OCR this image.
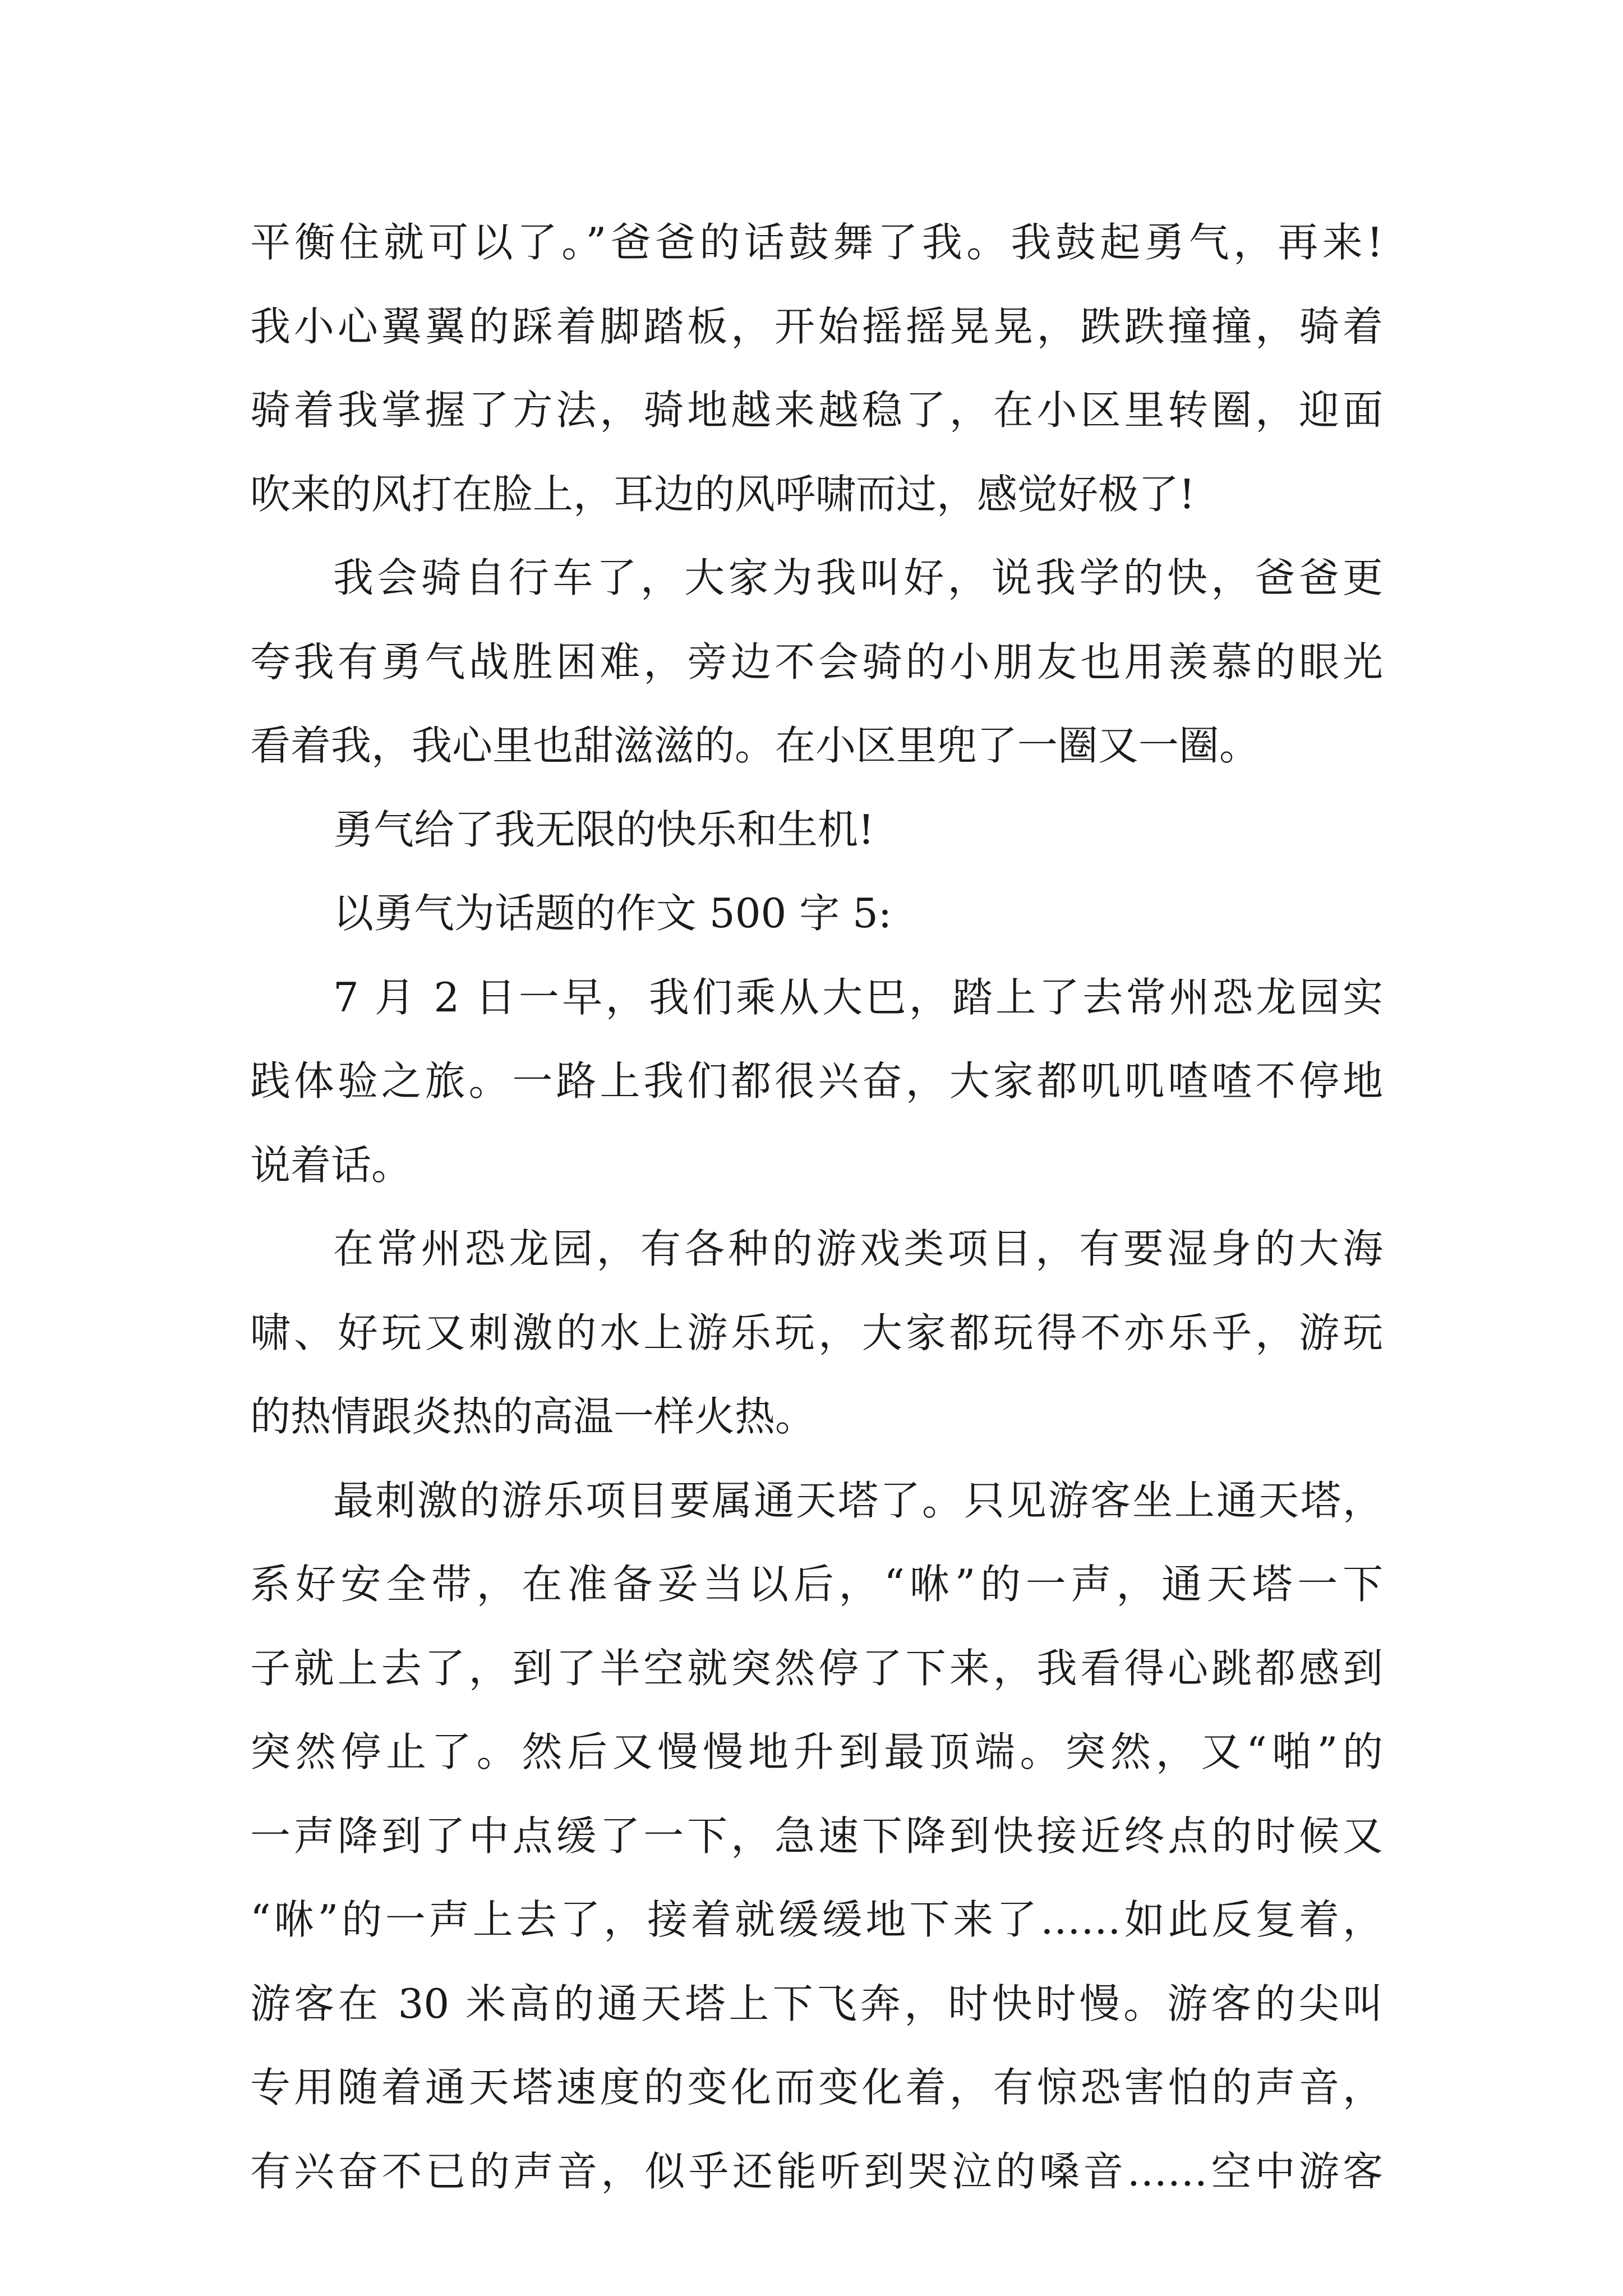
平衡住就可以了。”爸爸的话鼓舞了我。我鼓起勇气，再来!
我小心翼翼的踩着脚踏板，开始摇摇晃晃，跌跌撞撞，骑着
骑着我掌握了方法，骑地越来越稳了，在小区里转圈，迎面
吹来的风打在脸上，耳边的风呼啸而过，感觉好极了!
我会骑自行车了，大家为我叫好，说我学的快，爸爸更
夸我有勇气战胜困难，旁边不会骑的小朋友也用羡慕的眼光
看着我，我心里也甜滋滋的。在小区里兜了一圈又一圈。
勇气给了我无限的快乐和生机!
以勇气为话题的作文 500 字 5:
7 月 2 日一早，我们乘从大巴，踏上了去常州恐龙园实
践体验之旅。一路上我们都很兴奋，大家都叽叽喳喳不停地
说着话。
在常州恐龙园，有各种的游戏类项目，有要湿身的大海
啸、好玩又刺激的水上游乐玩，大家都玩得不亦乐乎，游玩
的热情跟炎热的高温一样火热。
最刺激的游乐项目要属通天塔了。只见游客坐上通天塔，
系好安全带，在准备妥当以后，“咻”的一声，通天塔一下
子就上去了，到了半空就突然停了下来，我看得心跳都感到
突然停止了。然后又慢慢地升到最顶端。突然，又“啪”的
一声降到了中点缓了一下，急速下降到快接近终点的时候又
“咻”的一声上去了，接着就缓缓地下来了……如此反复着，
游客在 30 米高的通天塔上下飞奔，时快时慢。游客的尖叫
专用随着通天塔速度的变化而变化着，有惊恐害怕的声音，
有兴奋不已的声音，似乎还能听到哭泣的嗓音……空中游客
